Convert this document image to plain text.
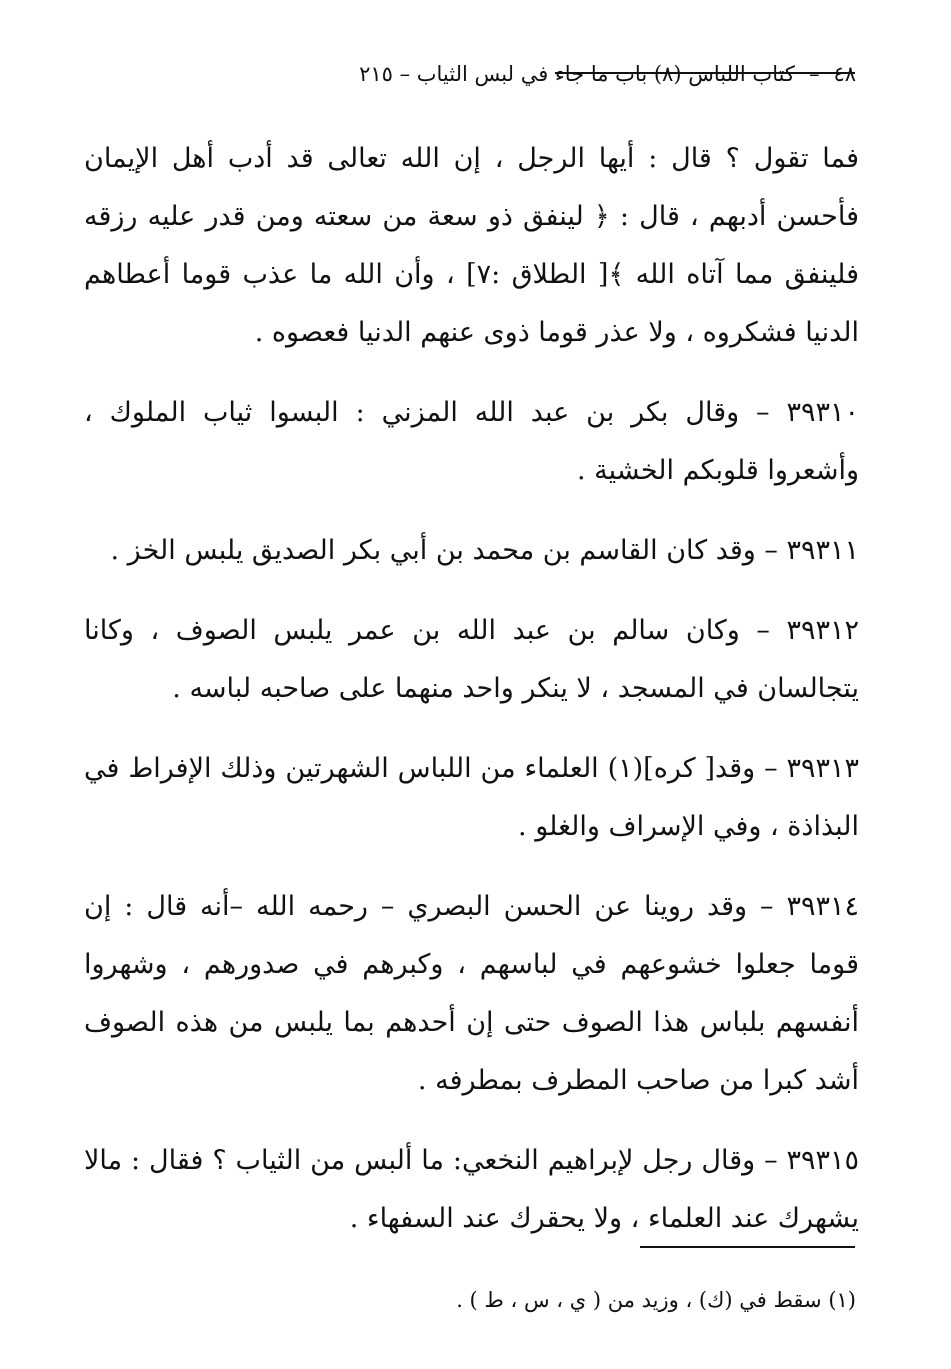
٤٨
–
كتاب اللباس (٨) باب ما جاء في لبس الثياب – ٢١٥

فما تقول ؟ قال : أيها الرجل ، إن الله تعالى قد أدب أهل الإيمان فأحسن أدبهم ، قال : ﴿ لينفق ذو سعة من سعته ومن قدر عليه رزقه فلينفق مما آتاه الله ﴾[ الطلاق :٧] ، وأن الله ما عذب قوما أعطاهم الدنيا فشكروه ، ولا عذر قوما ذوى عنهم الدنيا فعصوه .

٣٩٣١٠ – وقال بكر بن عبد الله المزني : البسوا ثياب الملوك ، وأشعروا قلوبكم الخشية .

٣٩٣١١ – وقد كان القاسم بن محمد بن أبي بكر الصديق يلبس الخز .

٣٩٣١٢ – وكان سالم بن عبد الله بن عمر يلبس الصوف ، وكانا يتجالسان في المسجد ، لا ينكر واحد منهما على صاحبه لباسه .

٣٩٣١٣ – وقد[ كره](١) العلماء من اللباس الشهرتين وذلك الإفراط في البذاذة ، وفي الإسراف والغلو .

٣٩٣١٤ – وقد روينا عن الحسن البصري – رحمه الله –أنه قال : إن قوما جعلوا خشوعهم في لباسهم ، وكبرهم في صدورهم ، وشهروا أنفسهم بلباس هذا الصوف حتى إن أحدهم بما يلبس من هذه الصوف أشد كبرا من صاحب المطرف بمطرفه .

٣٩٣١٥ – وقال رجل لإبراهيم النخعي: ما ألبس من الثياب ؟ فقال : مالا يشهرك عند العلماء ، ولا يحقرك عند السفهاء .

(١) سقط في (ك) ، وزيد من ( ي ، س ، ط ) .
